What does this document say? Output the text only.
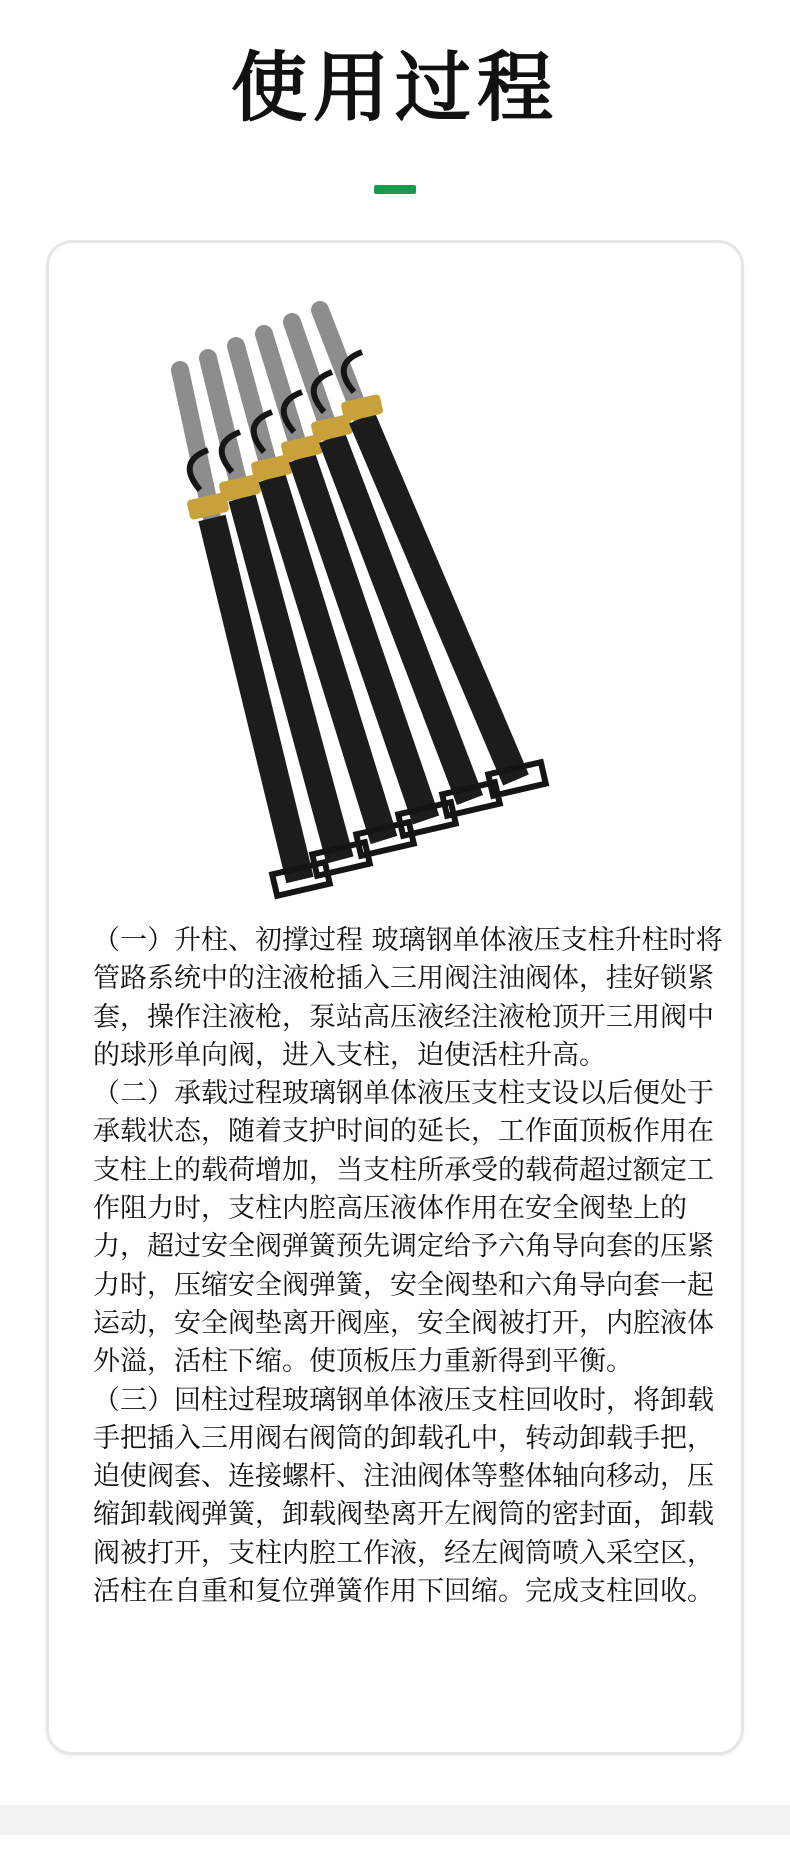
使用过程

（一）升柱、初撑过程 玻璃钢单体液压支柱升柱时将管路系统中的注液枪插入三用阀注油阀体，挂好锁紧套，操作注液枪，泵站高压液经注液枪顶开三用阀中的球形单向阀，进入支柱，迫使活柱升高。

（二）承载过程玻璃钢单体液压支柱支设以后便处于承载状态，随着支护时间的延长，工作面顶板作用在支柱上的载荷增加，当支柱所承受的载荷超过额定工作阻力时，支柱内腔高压液体作用在安全阀垫上的力，超过安全阀弹簧预先调定给予六角导向套的压紧力时，压缩安全阀弹簧，安全阀垫和六角导向套一起运动，安全阀垫离开阀座，安全阀被打开，内腔液体外溢，活柱下缩。使顶板压力重新得到平衡。

（三）回柱过程玻璃钢单体液压支柱回收时，将卸载手把插入三用阀右阀筒的卸载孔中，转动卸载手把，迫使阀套、连接螺杆、注油阀体等整体轴向移动，压缩卸载阀弹簧，卸载阀垫离开左阀筒的密封面，卸载阀被打开，支柱内腔工作液，经左阀筒喷入采空区，活柱在自重和复位弹簧作用下回缩。完成支柱回收。
